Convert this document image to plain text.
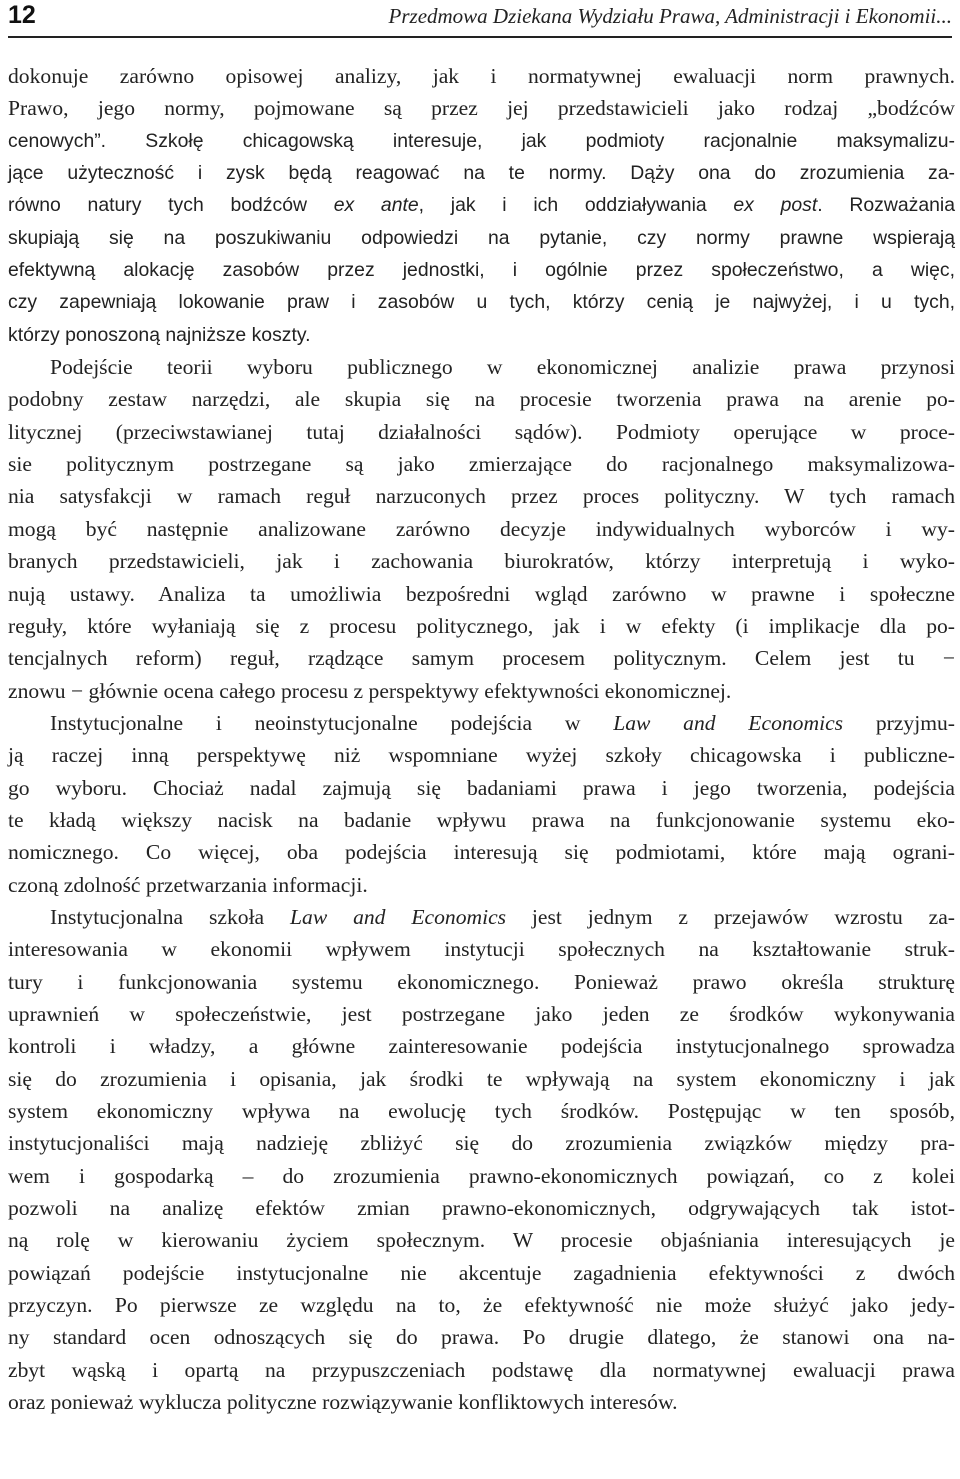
12	Przedmowa Dziekana Wydziału Prawa, Administracji i Ekonomii...
dokonuje zarówno opisowej analizy, jak i normatywnej ewaluacji norm prawnych.
Prawo, jego normy, pojmowane są przez jej przedstawicieli jako rodzaj „bodźców
cenowych”. Szkołę chicagowską interesuje, jak podmioty racjonalnie maksymalizu-
jące użyteczność i zysk będą reagować na te normy. Dąży ona do zrozumienia za-
równo natury tych bodźców ex ante, jak i ich oddziaływania ex post. Rozważania
skupiają się na poszukiwaniu odpowiedzi na pytanie, czy normy prawne wspierają
efektywną alokację zasobów przez jednostki, i ogólnie przez społeczeństwo, a więc,
czy zapewniają lokowanie praw i zasobów u tych, którzy cenią je najwyżej, i u tych,
którzy ponoszoną najniższe koszty.
Podejście teorii wyboru publicznego w ekonomicznej analizie prawa przynosi
podobny zestaw narzędzi, ale skupia się na procesie tworzenia prawa na arenie po-
litycznej (przeciwstawianej tutaj działalności sądów). Podmioty operujące w proce-
sie politycznym postrzegane są jako zmierzające do racjonalnego maksymalizowa-
nia satysfakcji w ramach reguł narzuconych przez proces polityczny. W tych ramach
mogą być następnie analizowane zarówno decyzje indywidualnych wyborców i wy-
branych przedstawicieli, jak i zachowania biurokratów, którzy interpretują i wyko-
nują ustawy. Analiza ta umożliwia bezpośredni wgląd zarówno w prawne i społeczne
reguły, które wyłaniają się z procesu politycznego, jak i w efekty (i implikacje dla po-
tencjalnych reform) reguł, rządzące samym procesem politycznym. Celem jest tu −
znowu − głównie ocena całego procesu z perspektywy efektywności ekonomicznej.
Instytucjonalne i neoinstytucjonalne podejścia w Law and Economics przyjmu-
ją raczej inną perspektywę niż wspomniane wyżej szkoły chicagowska i publiczne-
go wyboru. Chociaż nadal zajmują się badaniami prawa i jego tworzenia, podejścia
te kładą większy nacisk na badanie wpływu prawa na funkcjonowanie systemu eko-
nomicznego. Co więcej, oba podejścia interesują się podmiotami, które mają ograni-
czoną zdolność przetwarzania informacji.
Instytucjonalna szkoła Law and Economics jest jednym z przejawów wzrostu za-
interesowania w ekonomii wpływem instytucji społecznych na kształtowanie struk-
tury i funkcjonowania systemu ekonomicznego. Ponieważ prawo określa strukturę
uprawnień w społeczeństwie, jest postrzegane jako jeden ze środków wykonywania
kontroli i władzy, a główne zainteresowanie podejścia instytucjonalnego sprowadza
się do zrozumienia i opisania, jak środki te wpływają na system ekonomiczny i jak
system ekonomiczny wpływa na ewolucję tych środków. Postępując w ten sposób,
instytucjonaliści mają nadzieję zbliżyć się do zrozumienia związków między pra-
wem i gospodarką – do zrozumienia prawno-ekonomicznych powiązań, co z kolei
pozwoli na analizę efektów zmian prawno-ekonomicznych, odgrywających tak istot-
ną rolę w kierowaniu życiem społecznym. W procesie objaśniania interesujących je
powiązań podejście instytucjonalne nie akcentuje zagadnienia efektywności z dwóch
przyczyn. Po pierwsze ze względu na to, że efektywność nie może służyć jako jedy-
ny standard ocen odnoszących się do prawa. Po drugie dlatego, że stanowi ona na-
zbyt wąską i opartą na przypuszczeniach podstawę dla normatywnej ewaluacji prawa
oraz ponieważ wyklucza polityczne rozwiązywanie konfliktowych interesów.
